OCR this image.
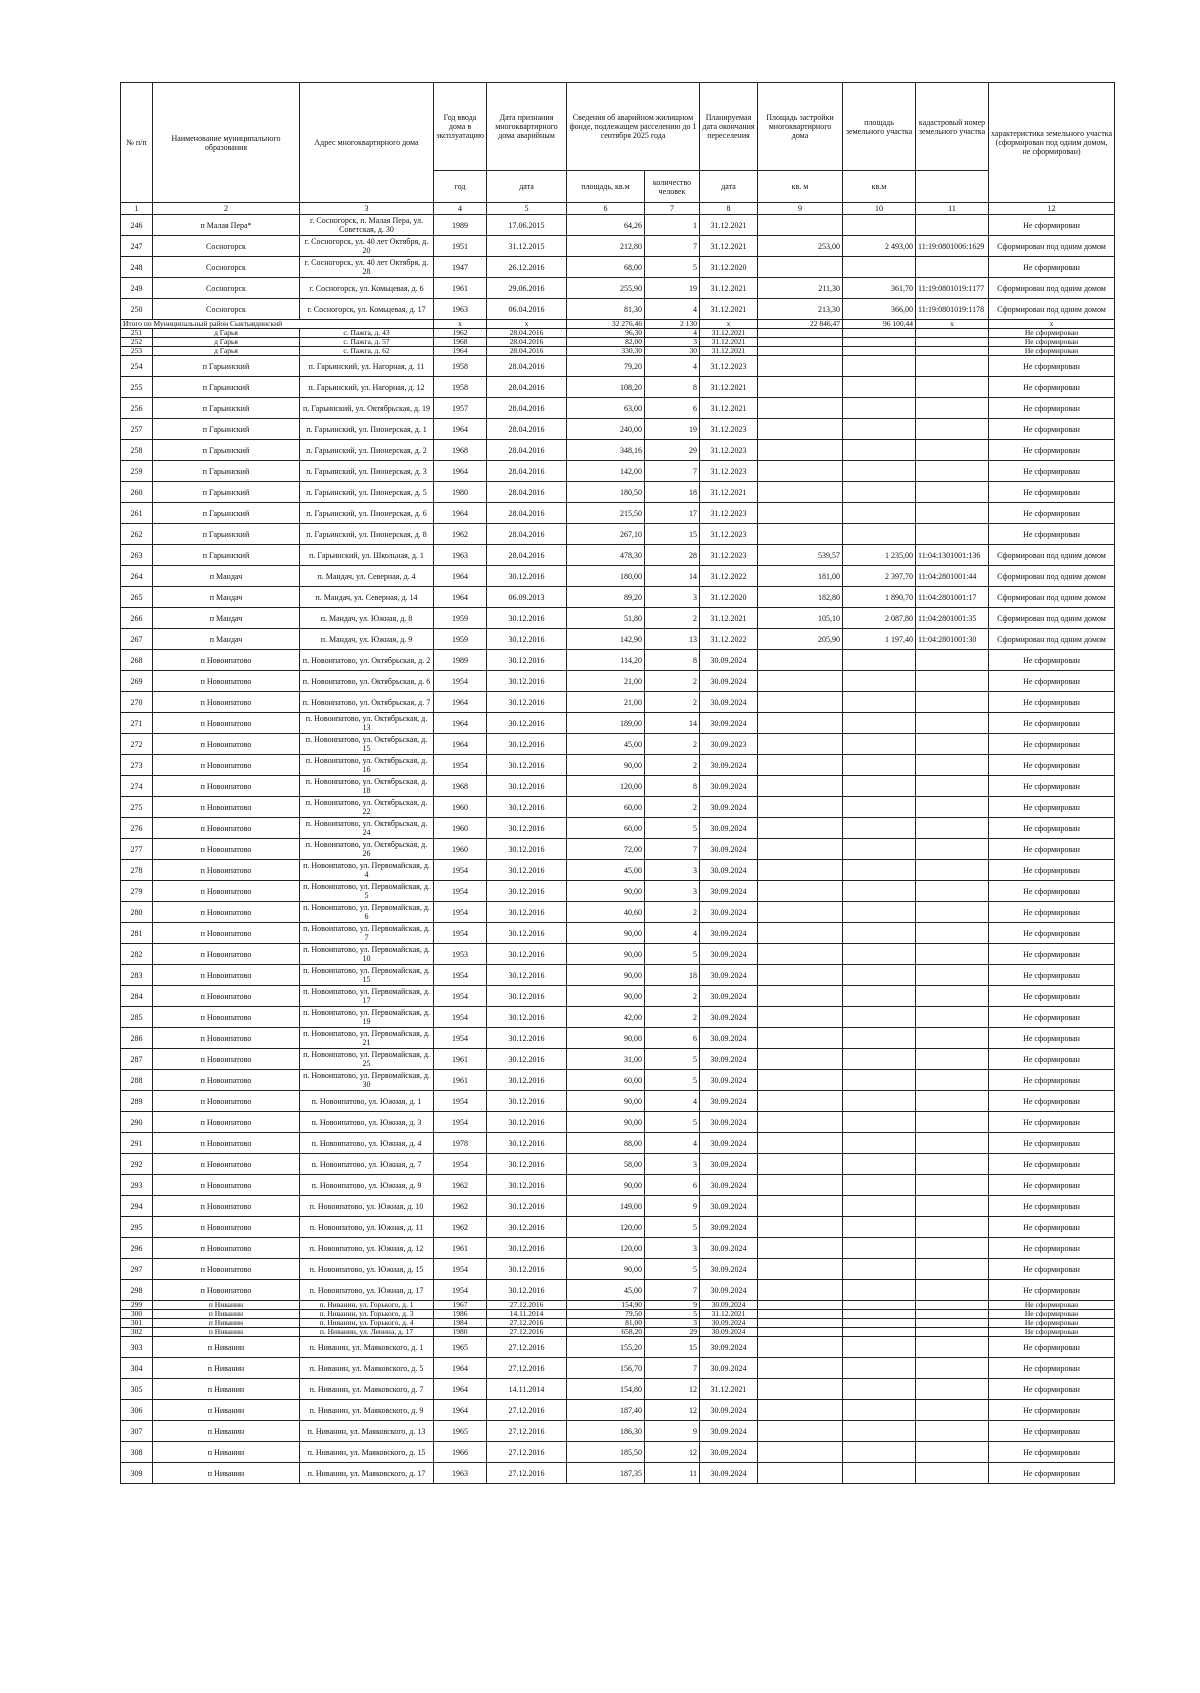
№ п/п	Наименование муниципального образования	Адрес многоквартирного дома	Год ввода дома в эксплуатацию	Дата признания многоквартирного дома аварийным	Сведения об аварийном жилищном фонде, подлежащем расселению до 1 сентября 2025 года		Планируемая дата окончания переселения	Площадь застройки многоквартирного дома	площадь земельного участка	кадастровый номер земельного участка	характеристика земельного участка (сформирован под одним домом, не сформирован)
			год	дата	площадь, кв.м	количество человек	дата	кв. м	кв.м		
1	2	3	4	5	6	7	8	9	10	11	12
246	п Малая Пера*	г. Сосногорск, п. Малая Пера, ул. Советская, д. 30	1989	17.06.2015	64,26	1	31.12.2021				Не сформирован
247	Сосногорск	г. Сосногорск, ул. 40 лет Октября, д. 20	1951	31.12.2015	212,80	7	31.12.2021	253,00	2 493,00	11:19:0801006:1629	Сформирован под одним домом
248	Сосногорск	г. Сосногорск, ул. 40 лет Октября, д. 28	1947	26.12.2016	68,00	5	31.12.2020				Не сформирован
249	Сосногорск	г. Сосногорск, ул. Комьцевая, д. 6	1961	29.06.2016	255,90	19	31.12.2021	211,30	361,70	11:19:0801019:1177	Сформирован под одним домом
250	Сосногорск	г. Сосногорск, ул. Комьцевая, д. 17	1963	06.04.2016	81,30	4	31.12.2021	213,30	366,00	11:19:0801019:1178	Сформирован под одним домом
Итого по Муниципальный район Сыктывдинский			x	x	32 276,46	2 130	x	22 846,47	96 100,44	x	x
251	д Гарья	с. Пажга, д. 43	1962	28.04.2016	96,30	4	31.12.2021				Не сформирован
252	д Гарья	с. Пажга, д. 57	1968	28.04.2016	82,00	3	31.12.2021				Не сформирован
253	д Гарья	с. Пажга, д. 62	1964	28.04.2016	330,30	30	31.12.2021				Не сформирован
254	п Гарьинский	п. Гарьинский, ул. Нагорная, д. 11	1958	28.04.2016	79,20	4	31.12.2023				Не сформирован
255	п Гарьинский	п. Гарьинский, ул. Нагорная, д. 12	1958	28.04.2016	108,20	8	31.12.2021				Не сформирован
256	п Гарьинский	п. Гарьинский, ул. Октябрьская, д. 19	1957	28.04.2016	63,00	6	31.12.2021				Не сформирован
257	п Гарьинский	п. Гарьинский, ул. Пионерская, д. 1	1964	28.04.2016	240,00	19	31.12.2023				Не сформирован
258	п Гарьинский	п. Гарьинский, ул. Пионерская, д. 2	1968	28.04.2016	348,16	29	31.12.2023				Не сформирован
259	п Гарьинский	п. Гарьинский, ул. Пионерская, д. 3	1964	28.04.2016	142,00	7	31.12.2023				Не сформирован
260	п Гарьинский	п. Гарьинский, ул. Пионерская, д. 5	1980	28.04.2016	180,50	18	31.12.2021				Не сформирован
261	п Гарьинский	п. Гарьинский, ул. Пионерская, д. 6	1964	28.04.2016	215,50	17	31.12.2023				Не сформирован
262	п Гарьинский	п. Гарьинский, ул. Пионерская, д. 8	1962	28.04.2016	267,10	15	31.12.2023				Не сформирован
263	п Гарьинский	п. Гарьинский, ул. Школьная, д. 1	1963	28.04.2016	478,30	28	31.12.2023	539,57	1 235,00	11:04:1301001:136	Сформирован под одним домом
264	п Мандач	п. Мандач, ул. Северная, д. 4	1964	30.12.2016	180,00	14	31.12.2022	181,00	2 397,70	11:04:2801001:44	Сформирован под одним домом
265	п Мандач	п. Мандач, ул. Северная, д. 14	1964	06.09.2013	89,20	3	31.12.2020	182,80	1 890,70	11:04:2801001:17	Сформирован под одним домом
266	п Мандач	п. Мандач, ул. Южная, д. 8	1959	30.12.2016	51,80	2	31.12.2021	105,10	2 087,80	11:04:2801001:35	Сформирован под одним домом
267	п Мандач	п. Мандач, ул. Южная, д. 9	1959	30.12.2016	142,90	13	31.12.2022	205,90	1 197,40	11:04:2801001:30	Сформирован под одним домом
268	п Новоипатово	п. Новоипатово, ул. Октябрьская, д. 2	1989	30.12.2016	114,20	8	30.09.2024				Не сформирован
269	п Новоипатово	п. Новоипатово, ул. Октябрьская, д. 6	1954	30.12.2016	21,00	2	30.09.2024				Не сформирован
270	п Новоипатово	п. Новоипатово, ул. Октябрьская, д. 7	1964	30.12.2016	21,00	2	30.09.2024				Не сформирован
271	п Новоипатово	п. Новоипатово, ул. Октябрьская, д. 13	1964	30.12.2016	189,00	14	30.09.2024				Не сформирован
272	п Новоипатово	п. Новоипатово, ул. Октябрьская, д. 15	1964	30.12.2016	45,00	2	30.09.2023				Не сформирован
273	п Новоипатово	п. Новоипатово, ул. Октябрьская, д. 16	1954	30.12.2016	90,00	2	30.09.2024				Не сформирован
274	п Новоипатово	п. Новоипатово, ул. Октябрьская, д. 18	1968	30.12.2016	120,00	8	30.09.2024				Не сформирован
275	п Новоипатово	п. Новоипатово, ул. Октябрьская, д. 22	1960	30.12.2016	60,00	2	30.09.2024				Не сформирован
276	п Новоипатово	п. Новоипатово, ул. Октябрьская, д. 24	1960	30.12.2016	60,00	5	30.09.2024				Не сформирован
277	п Новоипатово	п. Новоипатово, ул. Октябрьская, д. 26	1960	30.12.2016	72,00	7	30.09.2024				Не сформирован
278	п Новоипатово	п. Новоипатово, ул. Первомайская, д. 4	1954	30.12.2016	45,00	3	30.09.2024				Не сформирован
279	п Новоипатово	п. Новоипатово, ул. Первомайская, д. 5	1954	30.12.2016	90,00	3	30.09.2024				Не сформирован
280	п Новоипатово	п. Новоипатово, ул. Первомайская, д. 6	1954	30.12.2016	40,60	2	30.09.2024				Не сформирован
281	п Новоипатово	п. Новоипатово, ул. Первомайская, д. 7	1954	30.12.2016	90,00	4	30.09.2024				Не сформирован
282	п Новоипатово	п. Новоипатово, ул. Первомайская, д. 10	1953	30.12.2016	90,00	5	30.09.2024				Не сформирован
283	п Новоипатово	п. Новоипатово, ул. Первомайская, д. 15	1954	30.12.2016	90,00	18	30.09.2024				Не сформирован
284	п Новоипатово	п. Новоипатово, ул. Первомайская, д. 17	1954	30.12.2016	90,00	2	30.09.2024				Не сформирован
285	п Новоипатово	п. Новоипатово, ул. Первомайская, д. 19	1954	30.12.2016	42,00	2	30.09.2024				Не сформирован
286	п Новоипатово	п. Новоипатово, ул. Первомайская, д. 21	1954	30.12.2016	90,00	6	30.09.2024				Не сформирован
287	п Новоипатово	п. Новоипатово, ул. Первомайская, д. 25	1961	30.12.2016	31,00	5	30.09.2024				Не сформирован
288	п Новоипатово	п. Новоипатово, ул. Первомайская, д. 30	1961	30.12.2016	60,00	5	30.09.2024				Не сформирован
289	п Новоипатово	п. Новоипатово, ул. Южная, д. 1	1954	30.12.2016	90,00	4	30.09.2024				Не сформирован
290	п Новоипатово	п. Новоипатово, ул. Южная, д. 3	1954	30.12.2016	90,00	5	30.09.2024				Не сформирован
291	п Новоипатово	п. Новоипатово, ул. Южная, д. 4	1978	30.12.2016	88,00	4	30.09.2024				Не сформирован
292	п Новоипатово	п. Новоипатово, ул. Южная, д. 7	1954	30.12.2016	58,00	3	30.09.2024				Не сформирован
293	п Новоипатово	п. Новоипатово, ул. Южная, д. 9	1962	30.12.2016	90,00	6	30.09.2024				Не сформирован
294	п Новоипатово	п. Новоипатово, ул. Южная, д. 10	1962	30.12.2016	149,00	9	30.09.2024				Не сформирован
295	п Новоипатово	п. Новоипатово, ул. Южная, д. 11	1962	30.12.2016	120,00	5	30.09.2024				Не сформирован
296	п Новоипатово	п. Новоипатово, ул. Южная, д. 12	1961	30.12.2016	120,00	3	30.09.2024				Не сформирован
297	п Новоипатово	п. Новоипатово, ул. Южная, д. 15	1954	30.12.2016	90,00	5	30.09.2024				Не сформирован
298	п Новоипатово	п. Новоипатово, ул. Южная, д. 17	1954	30.12.2016	45,00	7	30.09.2024				Не сформирован
299	п Ниванин	п. Ниванин, ул. Горького, д. 1	1967	27.12.2016	154,90	9	30.09.2024				Не сформирован
300	п Ниванин	п. Ниванин, ул. Горького, д. 3	1986	14.11.2014	79,50	5	31.12.2021				Не сформирован
301	п Ниванин	п. Ниванин, ул. Горького, д. 4	1984	27.12.2016	81,00	3	30.09.2024				Не сформирован
302	п Ниванин	п. Ниванин, ул. Ленина, д. 17	1980	27.12.2016	658,20	29	30.09.2024				Не сформирован
303	п Ниванин	п. Ниванин, ул. Маяковского, д. 1	1965	27.12.2016	155,20	15	30.09.2024				Не сформирован
304	п Ниванин	п. Ниванин, ул. Маяковского, д. 5	1964	27.12.2016	156,70	7	30.09.2024				Не сформирован
305	п Ниванин	п. Ниванин, ул. Маяковского, д. 7	1964	14.11.2014	154,80	12	31.12.2021				Не сформирован
306	п Ниванин	п. Ниванин, ул. Маяковского, д. 9	1964	27.12.2016	187,40	12	30.09.2024				Не сформирован
307	п Ниванин	п. Ниванин, ул. Маяковского, д. 13	1965	27.12.2016	186,30	9	30.09.2024				Не сформирован
308	п Ниванин	п. Ниванин, ул. Маяковского, д. 15	1966	27.12.2016	185,50	12	30.09.2024				Не сформирован
309	п Ниванин	п. Ниванин, ул. Маяковского, д. 17	1963	27.12.2016	187,35	11	30.09.2024				Не сформирован
